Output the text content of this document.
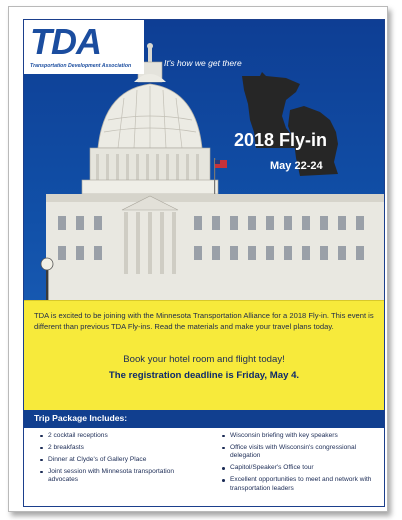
TDA
Transportation Development Association	It's how we get there
2018 Fly-in
May 22-24
TDA is excited to be joining with the Minnesota Transportation Alliance for a 2018 Fly-in. This event is different than previous TDA Fly-ins. Read the materials and make your travel plans today.
Book your hotel room and flight today!
The registration deadline is Friday, May 4.
Trip Package Includes:
2 cocktail receptions
2 breakfasts
Dinner at Clyde's of Gallery Place
Joint session with Minnesota transportation advocates
Wisconsin briefing with key speakers
Office visits with Wisconsin's congressional delegation
Capitol/Speaker's Office tour
Excellent opportunities to meet and network with transportation leaders
